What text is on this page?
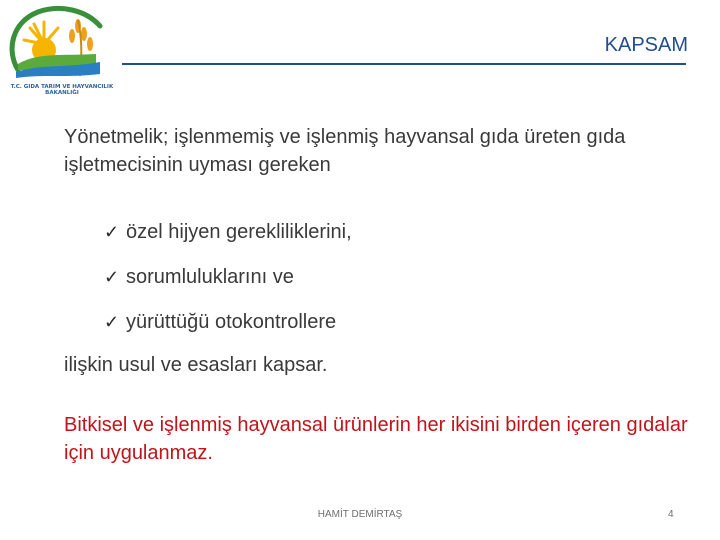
T.C. GIDA TARIM VE HAYVANCILIK BAKANLIĞI
KAPSAM
Yönetmelik; işlenmemiş ve işlenmiş hayvansal gıda üreten gıda işletmecisinin uyması gereken
✓ özel hijyen gerekliliklerini,
✓ sorumluluklarını ve
✓ yürüttüğü otokontrollere
ilişkin usul ve esasları kapsar.
Bitkisel ve işlenmiş hayvansal ürünlerin her ikisini birden içeren gıdalar için uygulanmaz.
HAMİT DEMİRTAŞ	4
